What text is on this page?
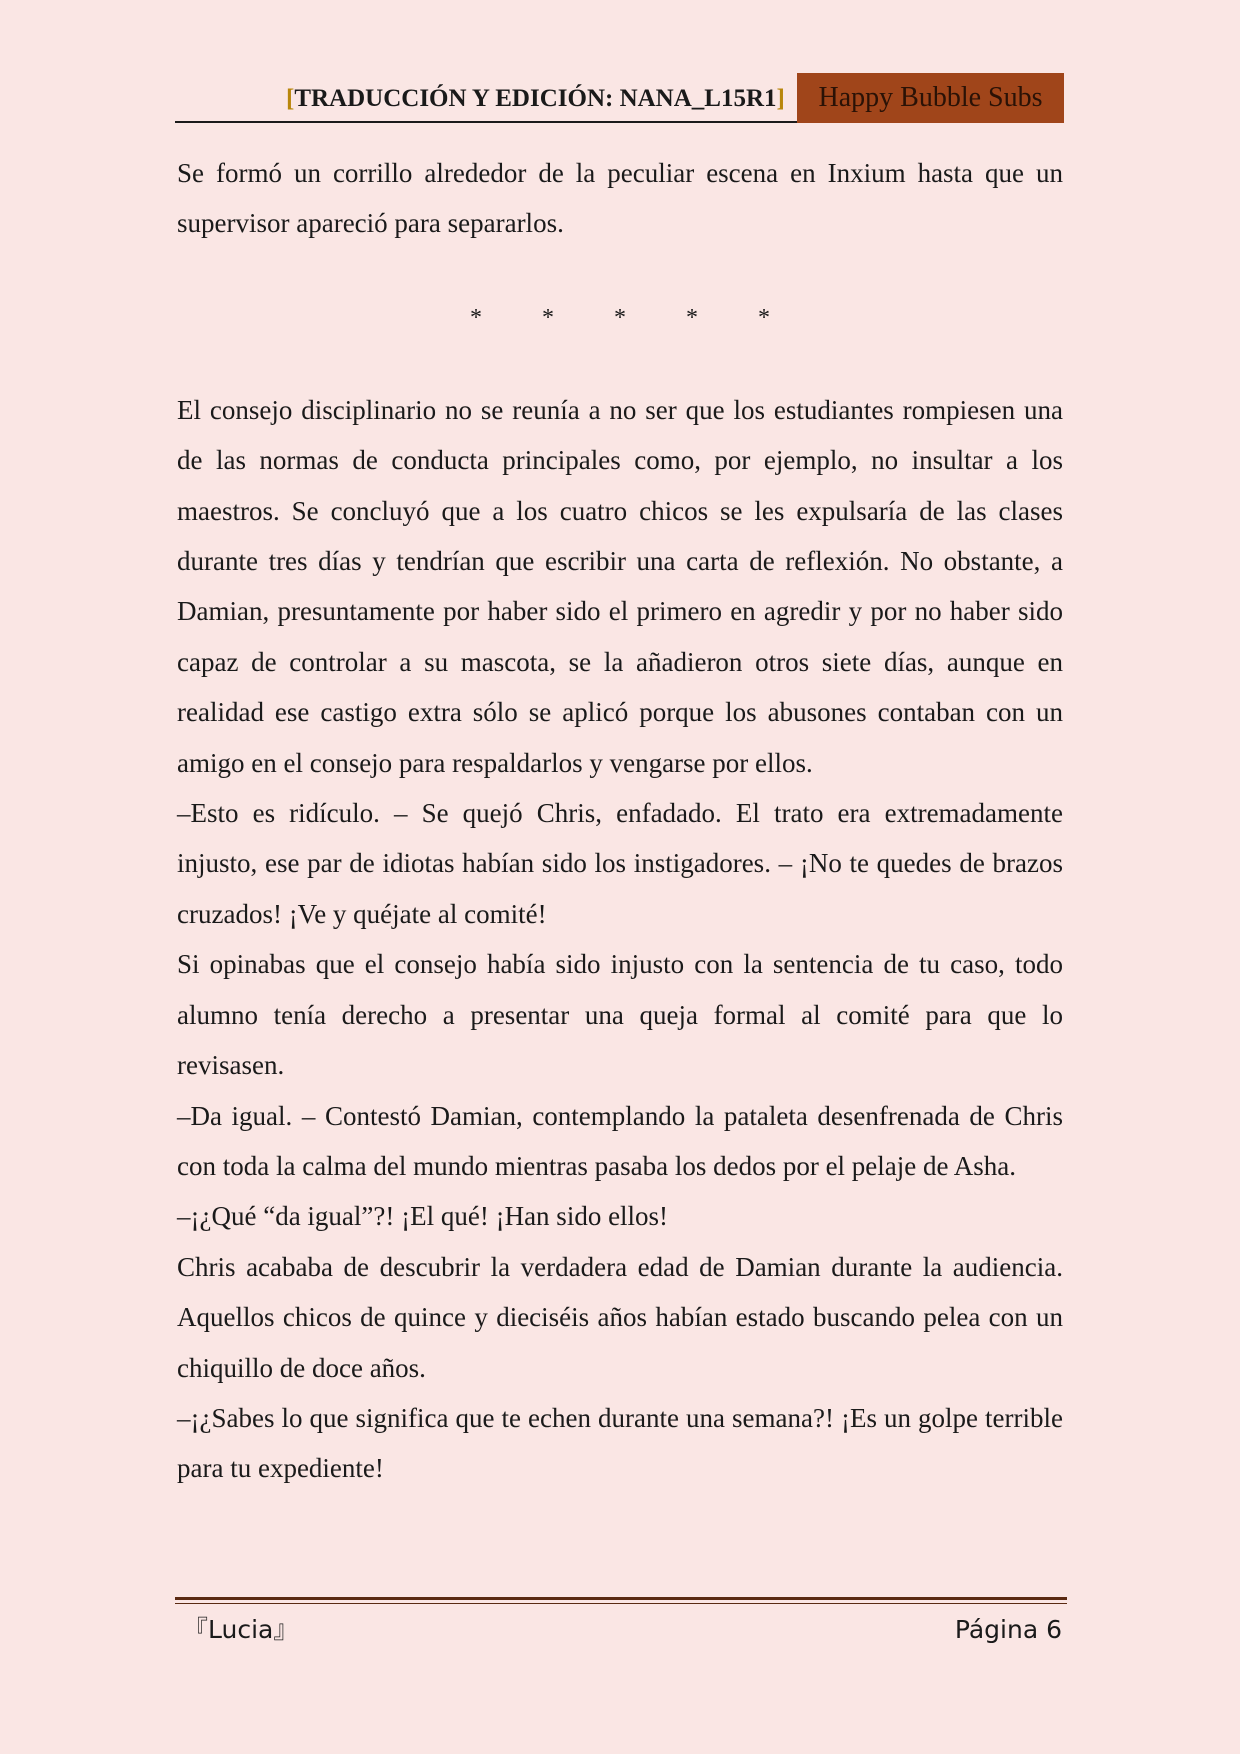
[TRADUCCIÓN Y EDICIÓN: NANA_L15R1]	Happy Bubble Subs

Se formó un corrillo alrededor de la peculiar escena en Inxium hasta que un supervisor apareció para separarlos.

*	*	*	*	*

El consejo disciplinario no se reunía a no ser que los estudiantes rompiesen una de las normas de conducta principales como, por ejemplo, no insultar a los maestros. Se concluyó que a los cuatro chicos se les expulsaría de las clases durante tres días y tendrían que escribir una carta de reflexión. No obstante, a Damian, presuntamente por haber sido el primero en agredir y por no haber sido capaz de controlar a su mascota, se la añadieron otros siete días, aunque en realidad ese castigo extra sólo se aplicó porque los abusones contaban con un amigo en el consejo para respaldarlos y vengarse por ellos.

–Esto es ridículo. – Se quejó Chris, enfadado. El trato era extremadamente injusto, ese par de idiotas habían sido los instigadores. – ¡No te quedes de brazos cruzados! ¡Ve y quéjate al comité!

Si opinabas que el consejo había sido injusto con la sentencia de tu caso, todo alumno tenía derecho a presentar una queja formal al comité para que lo revisasen.

–Da igual. – Contestó Damian, contemplando la pataleta desenfrenada de Chris con toda la calma del mundo mientras pasaba los dedos por el pelaje de Asha.

–¡¿Qué “da igual”?! ¡El qué! ¡Han sido ellos!

Chris acababa de descubrir la verdadera edad de Damian durante la audiencia. Aquellos chicos de quince y dieciséis años habían estado buscando pelea con un chiquillo de doce años.

–¡¿Sabes lo que significa que te echen durante una semana?! ¡Es un golpe terrible para tu expediente!

『Lucia』	Página 6
